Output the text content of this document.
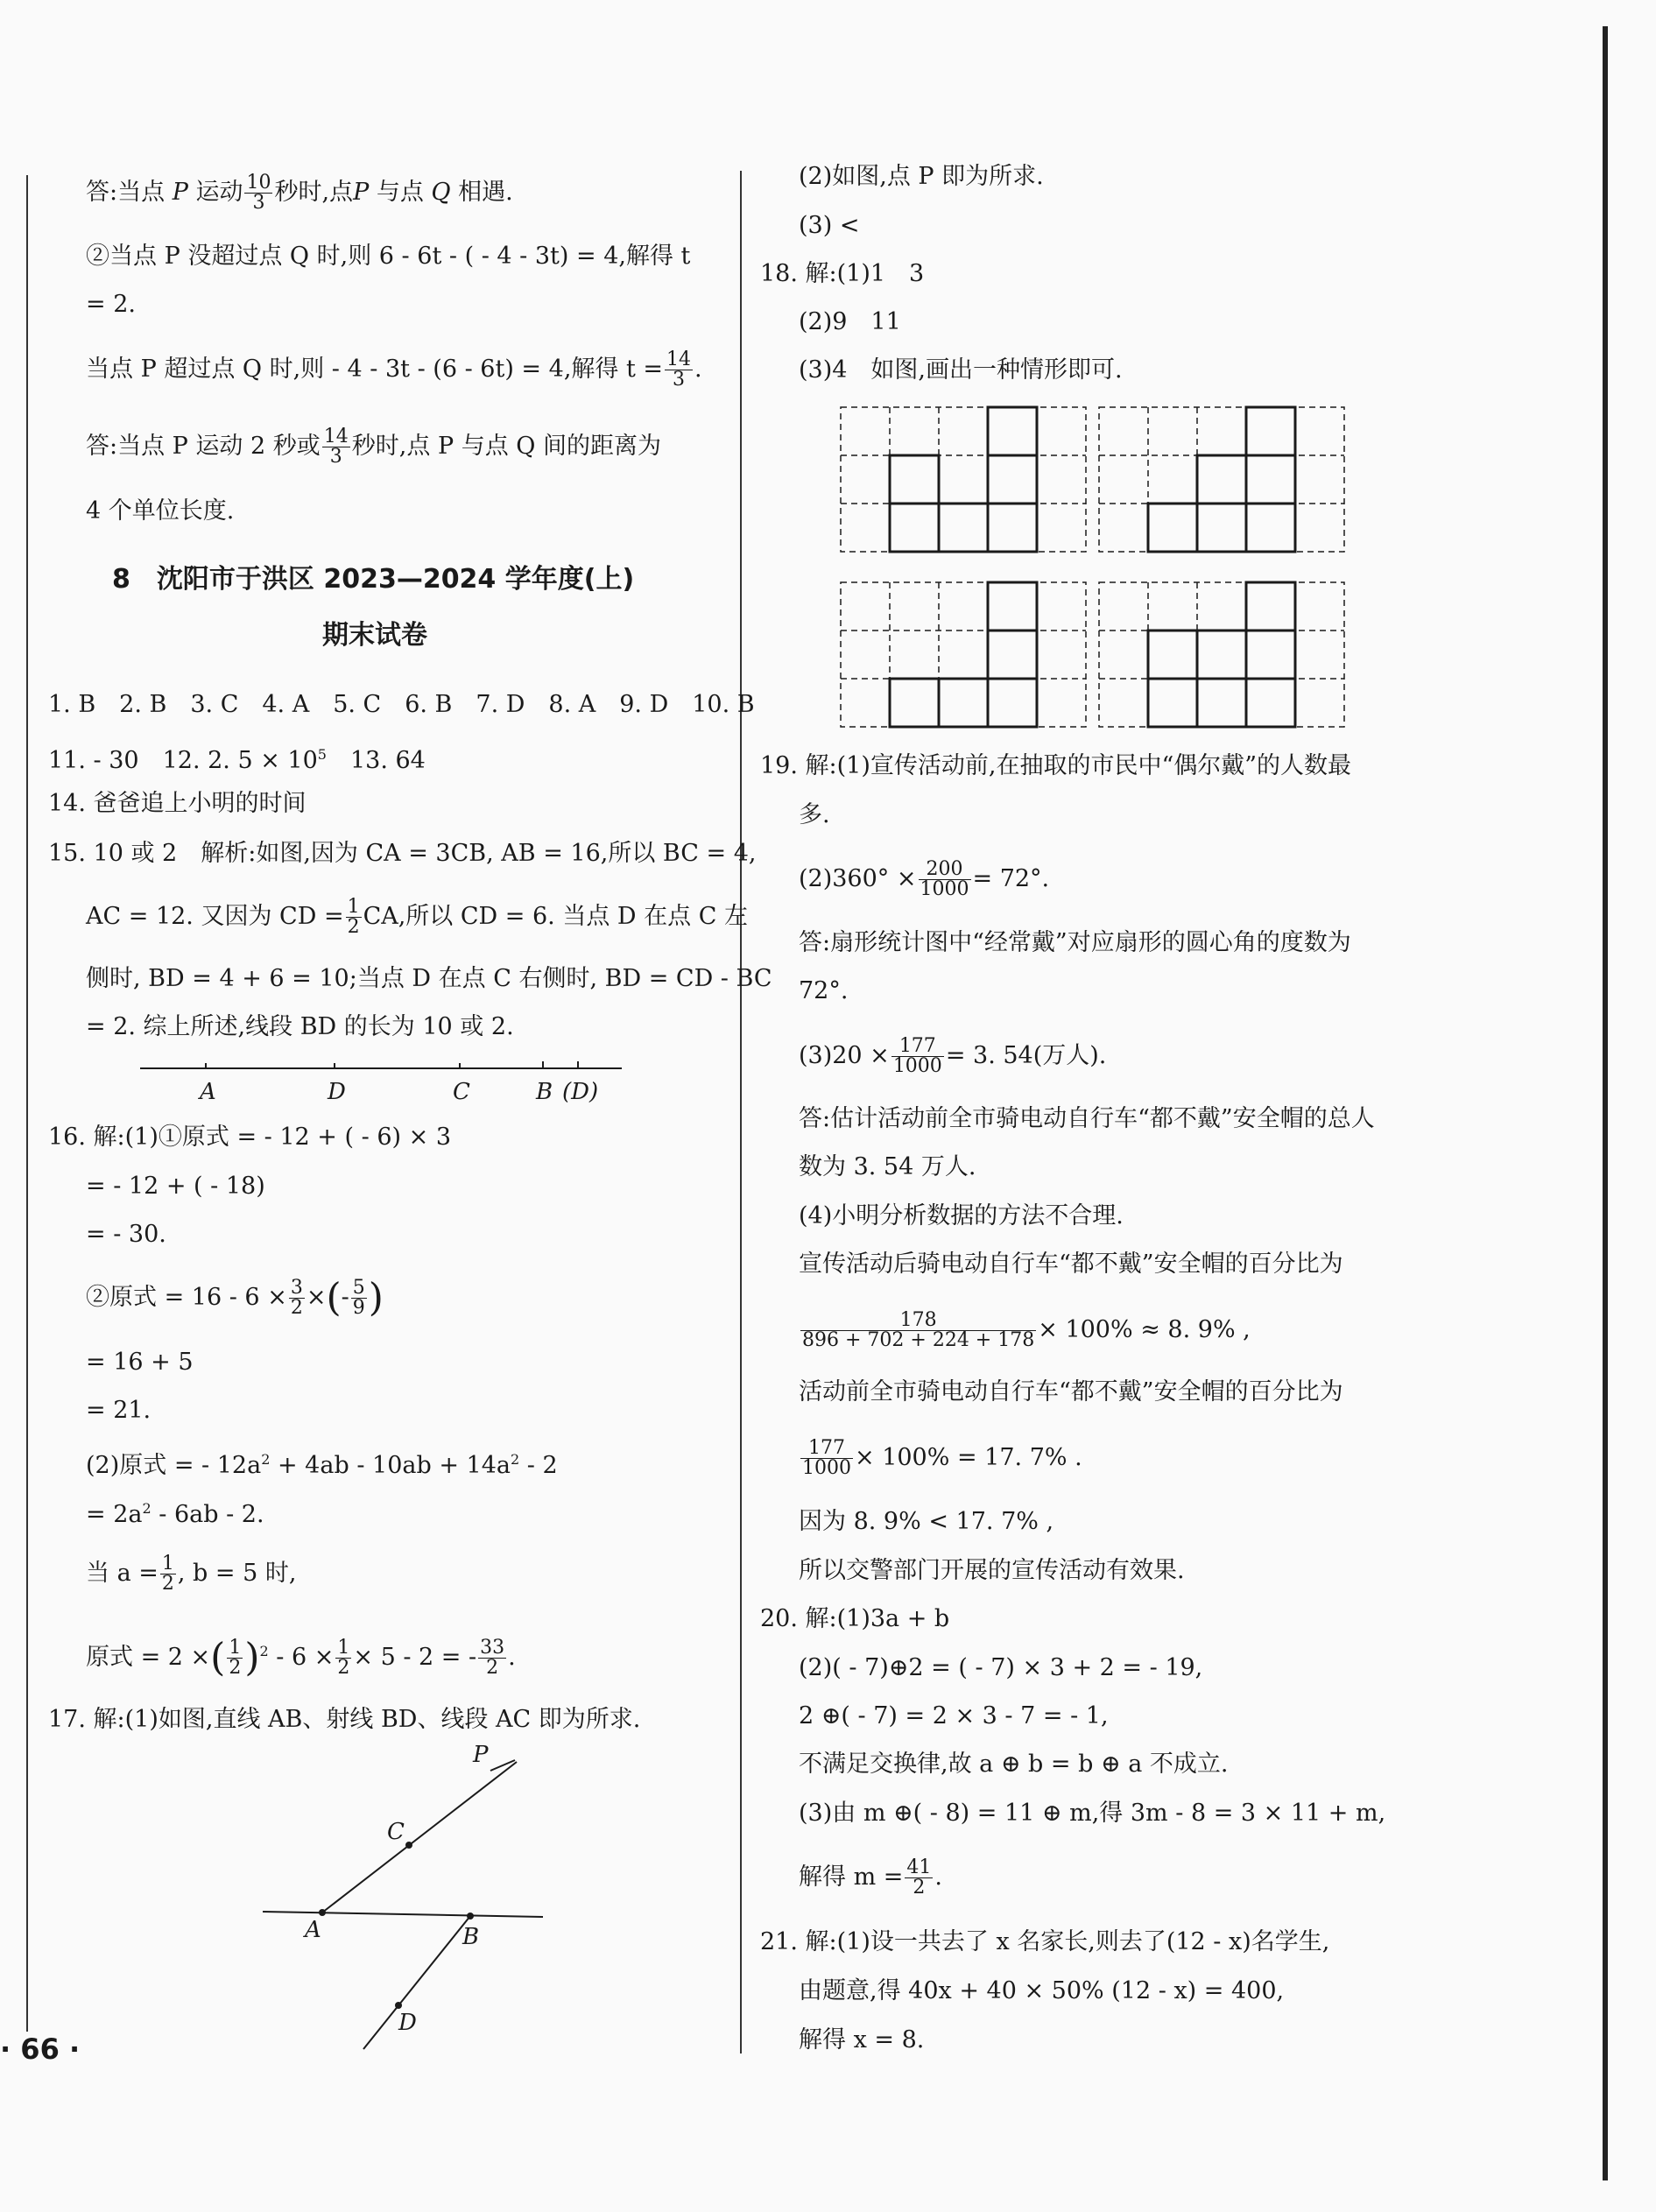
答:当点 P 运动 $\frac{10}{3}$ 秒时,点P 与点 Q 相遇.
②当点 P 没超过点 Q 时,则 6 - 6t - ( - 4 - 3t) = 4,解得 t
= 2.
当点 P 超过点 Q 时,则 - 4 - 3t - (6 - 6t) = 4,解得 $t = \frac{14}{3}$ .
答:当点 P 运动 2 秒或 $\frac{14}{3}$ 秒时,点 P 与点 Q 间的距离为
4 个单位长度.
8　沈阳市于洪区 2023—2024 学年度(上)
期末试卷
1. B　2. B　3. C　4. A　5. C　6. B　7. D　8. A　9. D　10. B
11. - 30　12. 2. $5 \times 10^5$　13. 64
14. 爸爸追上小明的时间
15. 10 或 2　解析:如图,因为 CA = 3CB, AB = 16,所以 BC = 4,
AC = 12. 又因为 CD = $\frac{1}{2}$ CA,所以 CD = 6. 当点 D 在点 C 左
侧时, BD = 4 + 6 = 10;当点 D 在点 C 右侧时, BD = CD - BC
= 2. 综上所述,线段 BD 的长为 10 或 2.
A	D	C	B (D)
16. 解:(1)①原式 = - 12 + ( - 6) × 3
= - 12 + ( - 18)
= - 30.
②原式 = $16 - 6 \times \frac{3}{2}$ ×(- $\frac{5}{9}$ )
= 16 + 5
= 21.
(2)原式 = - $12a^2 + 4ab - 10ab + 14a^2 - 2$
= $2a^2 - 6ab - 2$.
当 $a = \frac{1}{2}$ , b = 5 时,
原式 = 2 ×( $\frac{1}{2} )^2 - 6 \times \frac{1}{2} \times 5 - 2$ = - $\frac{33}{2}$ .
17. 解:(1)如图,直线 AB、射线 BD、线段 AC 即为所求.
P
C
A	B
D
· 66 ·
(2)如图,点 P 即为所求.
(3) <
18. 解:(1)1　3
(2)9　11
(3)4　如图,画出一种情形即可.
19. 解:(1)宣传活动前,在抽取的市民中“偶尔戴”的人数最
多.
$(2)360^\circ \times \frac{200}{1000} = 72^\circ$.
答:扇形统计图中“经常戴”对应扇形的圆心角的度数为
72°.
$(3)20 \times \frac{177}{1000} = 3$. 54(万人).
答:估计活动前全市骑电动自行车“都不戴”安全帽的总人
数为 3. 54 万人.
(4)小明分析数据的方法不合理.
宣传活动后骑电动自行车“都不戴”安全帽的百分比为
$\frac{178}{896 + 702 + 224 + 178} \times 100\% \approx 8$. 9% ,
活动前全市骑电动自行车“都不戴”安全帽的百分比为
$\frac{177}{1000} \times 100\% = 17$. 7% .
因为 8. 9% < 17. 7% ,
所以交警部门开展的宣传活动有效果.
20. 解:(1)3a + b
(2)( - 7)⊕2 = ( - 7) × 3 + 2 = - 19,
2 ⊕( - 7) = 2 × 3 - 7 = - 1,
不满足交换律,故 a ⊕ b = b ⊕ a 不成立.
(3)由 m ⊕( - 8) = 11 ⊕ m,得 3m - 8 = 3 × 11 + m,
解得 $m = \frac{41}{2}$ .
21. 解:(1)设一共去了 x 名家长,则去了(12 - x)名学生,
由题意,得 40x + 40 × 50% (12 - x) = 400,
解得 x = 8.
